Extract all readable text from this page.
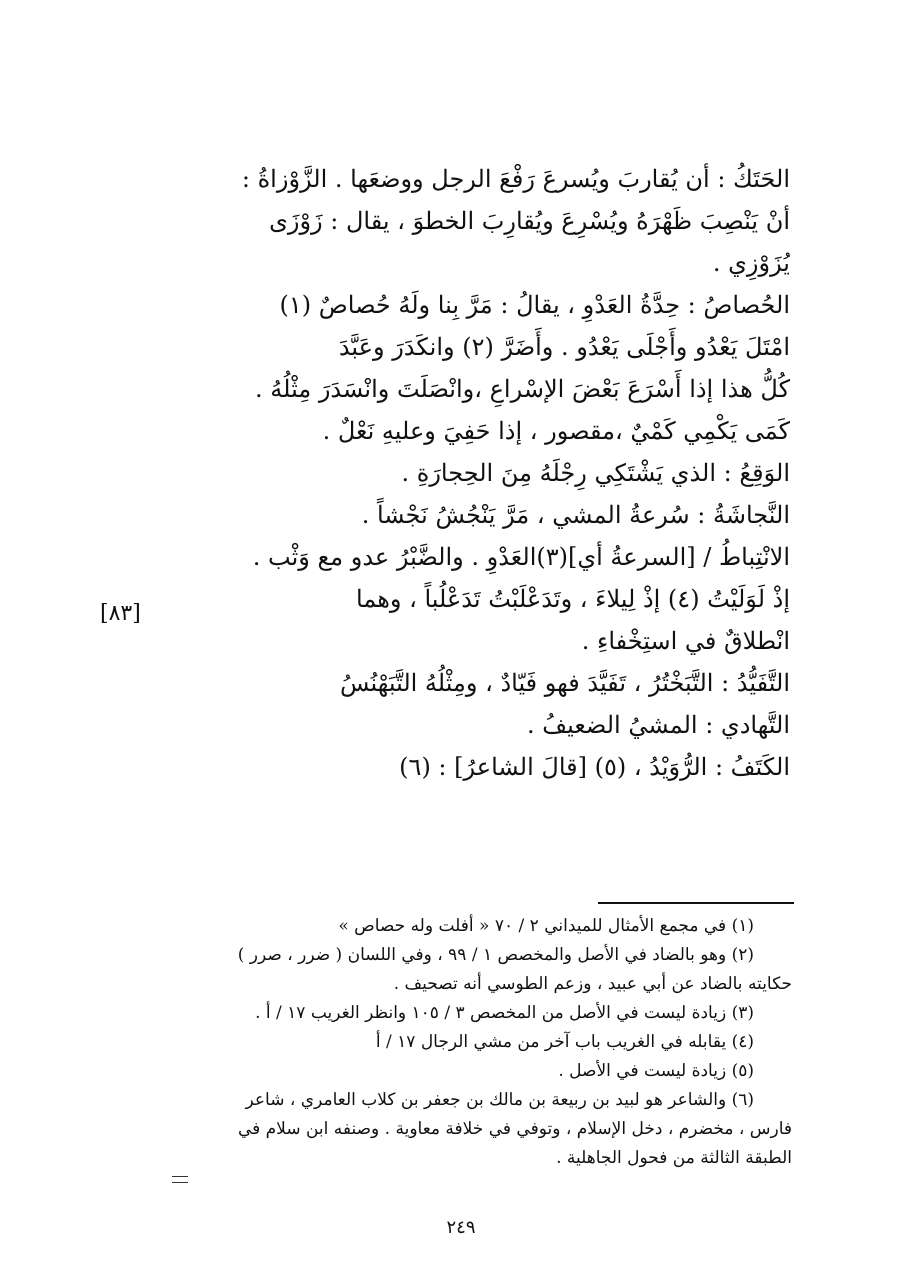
الحَتَكُ : أن يُقاربَ ويُسرعَ رَفْعَ الرجل ووضعَها . الزَّوْزاةُ :
أنْ يَنْصِبَ ظَهْرَهُ ويُسْرِعَ ويُقارِبَ الخطوَ ، يقال : زَوْزَى
يُزَوْزِي .
الحُصاصُ : حِدَّةُ العَدْوِ ، يقالُ : مَرَّ بِنا ولَهُ حُصاصٌ (١)
امْتَلَ يَعْدُو وأَجْلَى يَعْدُو . وأَضَرَّ (٢) وانكَدَرَ وعَبَّدَ
كُلُّ هذا إذا أَسْرَعَ بَعْضَ الإسْراعِ ،وانْصَلَتَ وانْسَدَرَ مِثْلُهُ .
كَمَى يَكْمِي كَمْيٌ ،مقصور ، إذا حَفِيَ وعليهِ نَعْلٌ .
الوَقِعُ : الذي يَشْتَكِي رِجْلَهُ مِنَ الحِجارَةِ .
النَّجاشَةُ : سُرعةُ المشي ، مَرَّ يَنْجُشُ نَجْشاً .
الانْتِباطُ / [السرعةُ أي](٣)العَدْوِ . والضَّبْرُ عدو مع وَثْب .
إذْ لَوَلَيْتُ (٤) إذْ لِيلاءَ ، وتَدَعْلَبْتُ تَدَعْلُباً ، وهما
انْطلاقٌ في استِخْفاءِ .
التَّفَيُّدُ : التَّبَخْتُرُ ، تَفَيَّدَ فهو فَيّادٌ ، ومِثْلُهُ التَّبَهْنُسُ
التَّهادي : المشيُ الضعيفُ .
الكَتَفُ : الرُّوَيْدُ ، (٥) [قالَ الشاعرُ] : (٦)
[٨٣]
(١) في مجمع الأمثال للميداني ٢ / ٧٠ « أفلت وله حصاص »
(٢) وهو بالضاد في الأصل والمخصص ١ / ٩٩ ، وفي اللسان ( ضرر ، صرر )
حكايته بالضاد عن أبي عبيد ، وزعم الطوسي أنه تصحيف .
(٣) زيادة ليست في الأصل من المخصص ٣ / ١٠٥ وانظر الغريب ١٧ / أ .
(٤) يقابله في الغريب باب آخر من مشي الرجال ١٧ / أ
(٥) زيادة ليست في الأصل .
(٦) والشاعر هو لبيد بن ربيعة بن مالك بن جعفر بن كلاب العامري ، شاعر
فارس ، مخضرم ، دخل الإسلام ، وتوفي في خلافة معاوية . وصنفه ابن سلام في
الطبقة الثالثة من فحول الجاهلية .
٢٤٩
